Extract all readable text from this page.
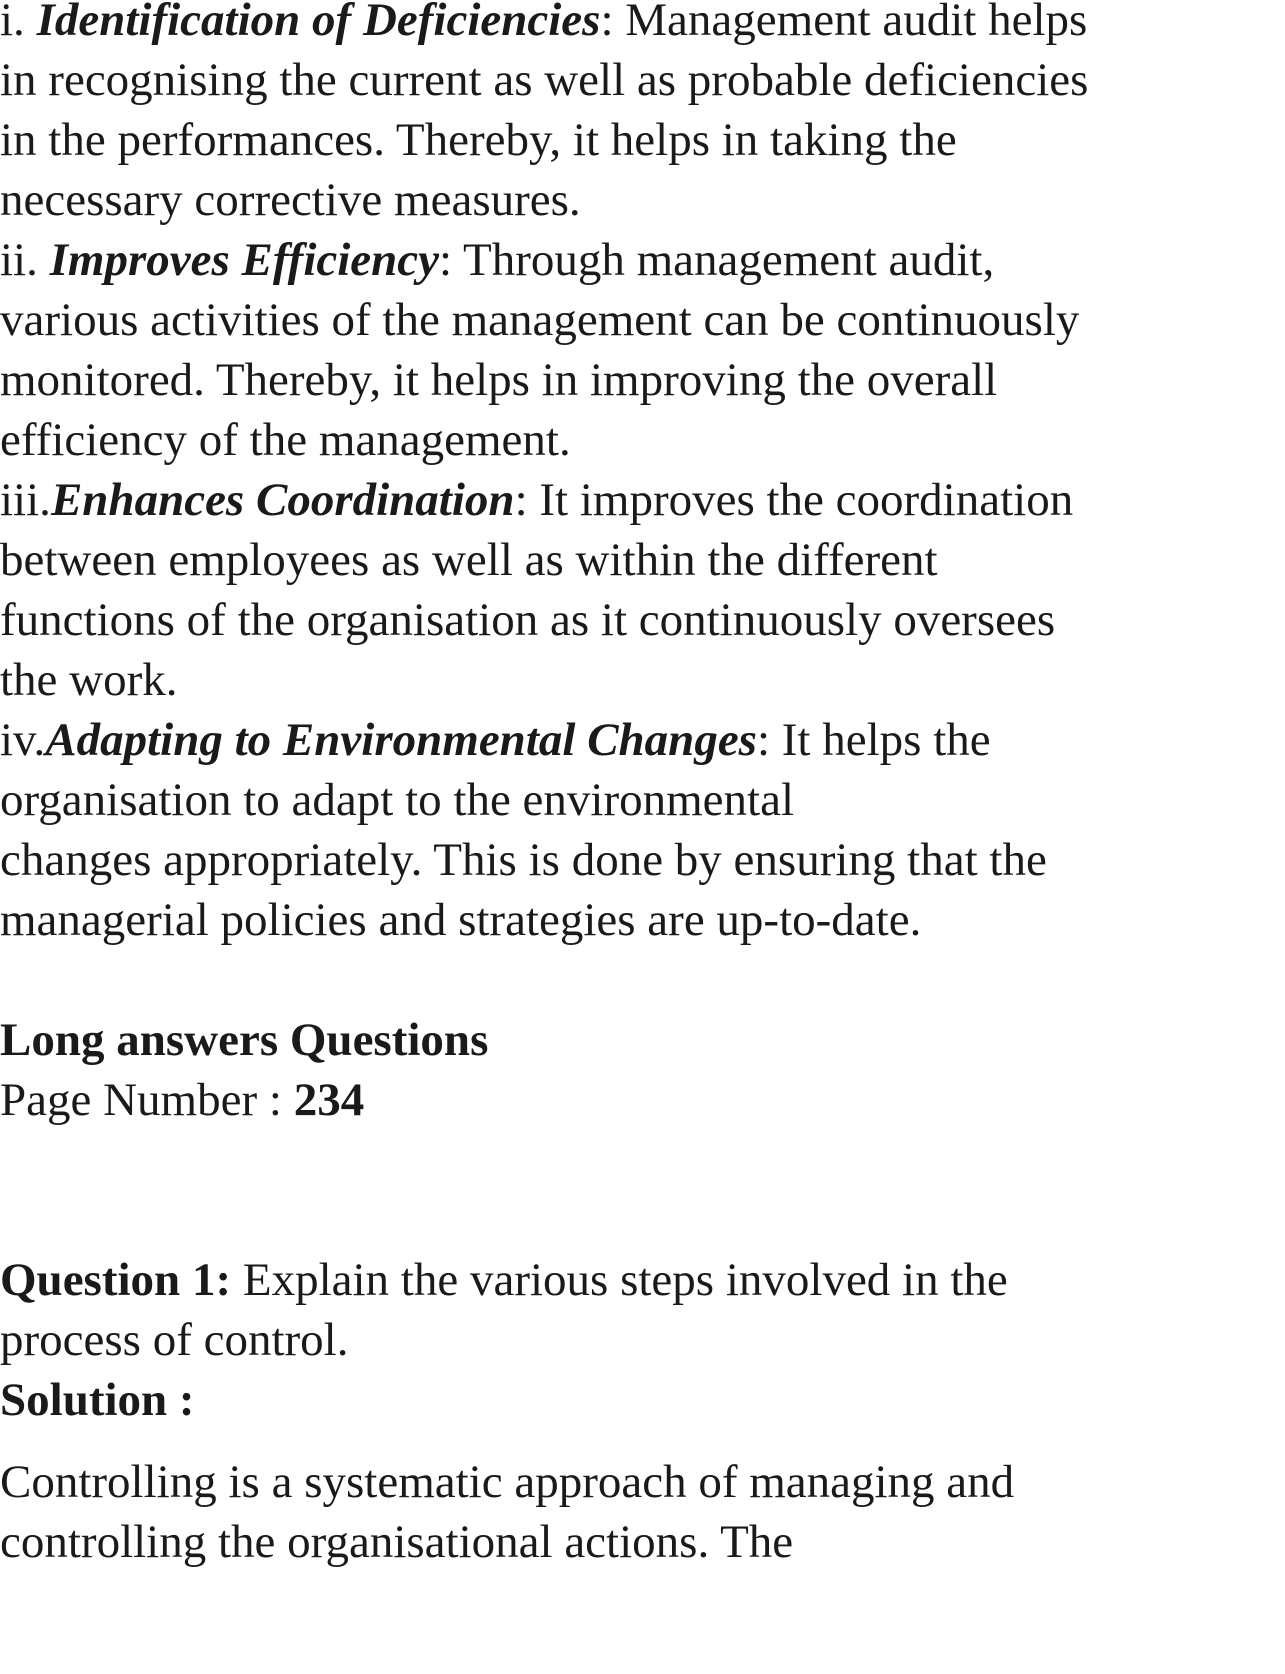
i. Identification of Deficiencies: Management audit helps

in recognising the current as well as probable deficiencies

in the performances. Thereby, it helps in taking the

necessary corrective measures.

ii. Improves Efficiency: Through management audit,

various activities of the management can be continuously

monitored. Thereby, it helps in improving the overall

efficiency of the management.

iii.Enhances Coordination: It improves the coordination

between employees as well as within the different

functions of the organisation as it continuously oversees

the work.

iv.Adapting to Environmental Changes: It helps the

organisation to adapt to the environmental

changes appropriately. This is done by ensuring that the

managerial policies and strategies are up-to-date.

Long answers Questions

Page Number : 234

Question 1: Explain the various steps involved in the

process of control.

Solution :

Controlling is a systematic approach of managing and

controlling the organisational actions. The
